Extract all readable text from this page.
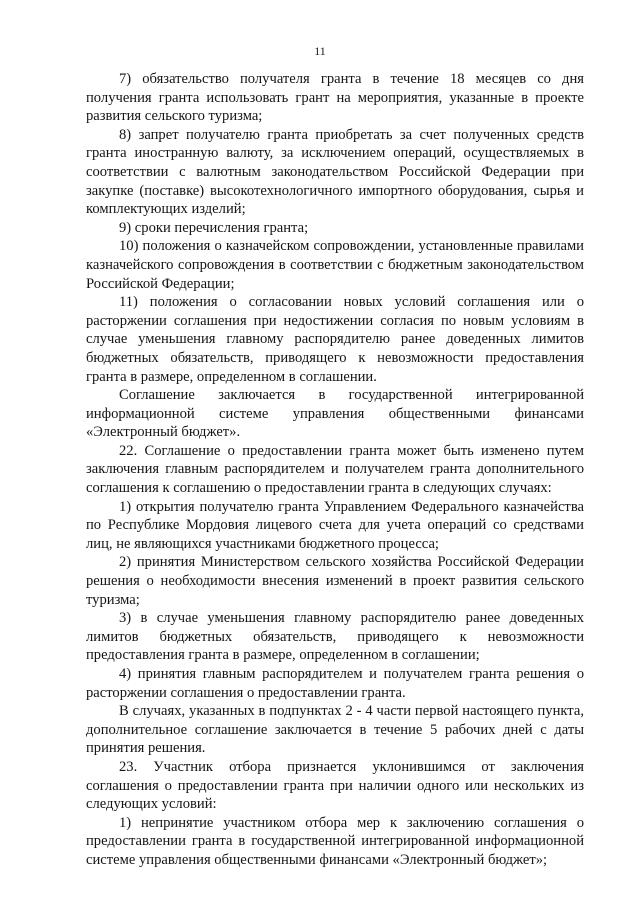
11

7) обязательство получателя гранта в течение 18 месяцев со дня получения гранта использовать грант на мероприятия, указанные в проекте развития сельского туризма;

8) запрет получателю гранта приобретать за счет полученных средств гранта иностранную валюту, за исключением операций, осуществляемых в соответствии с валютным законодательством Российской Федерации при закупке (поставке) высокотехнологичного импортного оборудования, сырья и комплектующих изделий;

9) сроки перечисления гранта;

10) положения о казначейском сопровождении, установленные правилами казначейского сопровождения в соответствии с бюджетным законодательством Российской Федерации;

11) положения о согласовании новых условий соглашения или о расторжении соглашения при недостижении согласия по новым условиям в случае уменьшения главному распорядителю ранее доведенных лимитов бюджетных обязательств, приводящего к невозможности предоставления гранта в размере, определенном в соглашении.

Соглашение заключается в государственной интегрированной информационной системе управления общественными финансами «Электронный бюджет».

22. Соглашение о предоставлении гранта может быть изменено путем заключения главным распорядителем и получателем гранта дополнительного соглашения к соглашению о предоставлении гранта в следующих случаях:

1) открытия получателю гранта Управлением Федерального казначейства по Республике Мордовия лицевого счета для учета операций со средствами лиц, не являющихся участниками бюджетного процесса;

2) принятия Министерством сельского хозяйства Российской Федерации решения о необходимости внесения изменений в проект развития сельского туризма;

3) в случае уменьшения главному распорядителю ранее доведенных лимитов бюджетных обязательств, приводящего к невозможности предоставления гранта в размере, определенном в соглашении;

4) принятия главным распорядителем и получателем гранта решения о расторжении соглашения о предоставлении гранта.

В случаях, указанных в подпунктах 2 - 4 части первой настоящего пункта, дополнительное соглашение заключается в течение 5 рабочих дней с даты принятия решения.

23. Участник отбора признается уклонившимся от заключения соглашения о предоставлении гранта при наличии одного или нескольких из следующих условий:

1) непринятие участником отбора мер к заключению соглашения о предоставлении гранта в государственной интегрированной информационной системе управления общественными финансами «Электронный бюджет»;
